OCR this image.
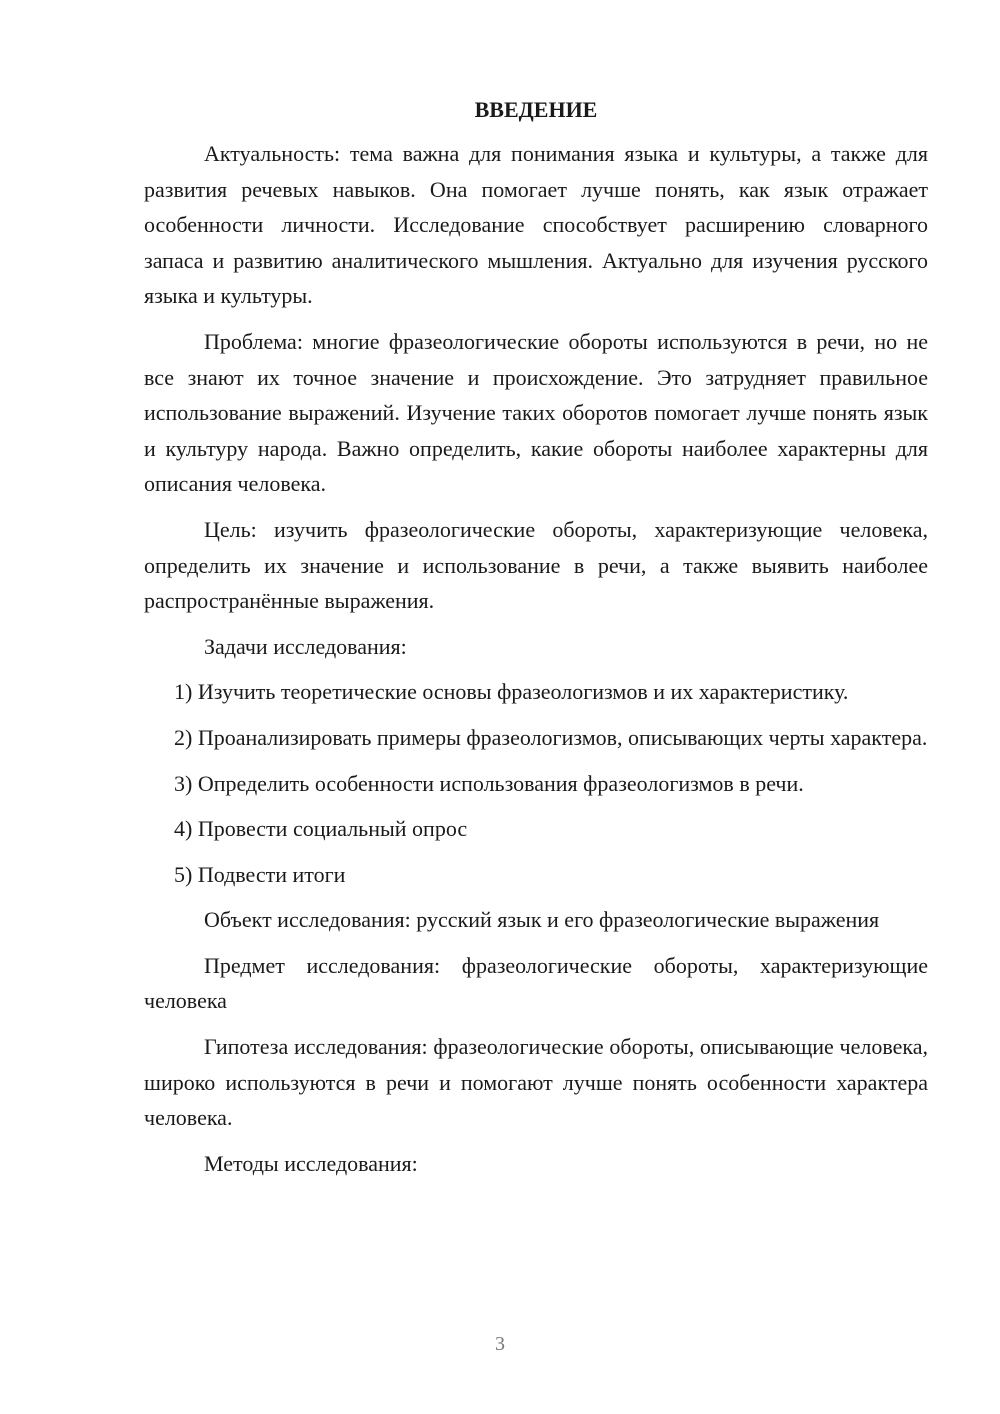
ВВЕДЕНИЕ

Актуальность: тема важна для понимания языка и культуры, а также для развития речевых навыков. Она помогает лучше понять, как язык отражает особенности личности. Исследование способствует расширению словарного запаса и развитию аналитического мышления. Актуально для изучения русского языка и культуры.

Проблема: многие фразеологические обороты используются в речи, но не все знают их точное значение и происхождение. Это затрудняет правильное использование выражений. Изучение таких оборотов помогает лучше понять язык и культуру народа. Важно определить, какие обороты наиболее характерны для описания человека.

Цель: изучить фразеологические обороты, характеризующие человека, определить их значение и использование в речи, а также выявить наиболее распространённые выражения.

Задачи исследования:

1) Изучить теоретические основы фразеологизмов и их характеристику.

2) Проанализировать примеры фразеологизмов, описывающих черты характера.

3) Определить особенности использования фразеологизмов в речи.

4) Провести социальный опрос

5) Подвести итоги

Объект исследования: русский язык и его фразеологические выражения

Предмет исследования: фразеологические обороты, характеризующие человека

Гипотеза исследования: фразеологические обороты, описывающие человека, широко используются в речи и помогают лучше понять особенности характера человека.

Методы исследования:

3
